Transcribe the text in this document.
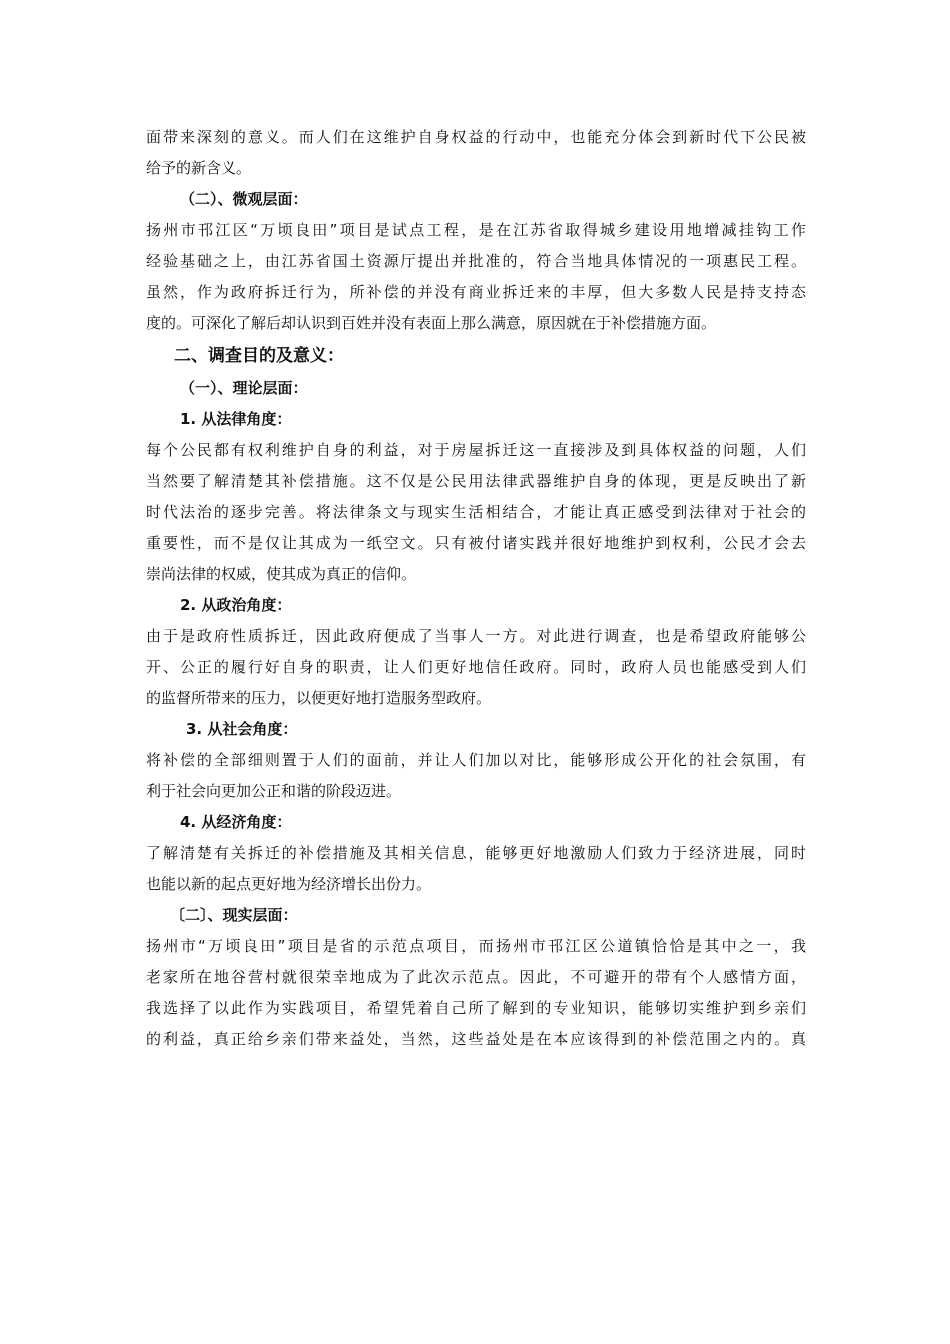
面带来深刻的意义。而人们在这维护自身权益的行动中，也能充分体会到新时代下公民被
给予的新含义。
（二）、微观层面：
扬州市邗江区“万顷良田”项目是试点工程，是在江苏省取得城乡建设用地增减挂钩工作
经验基础之上，由江苏省国土资源厅提出并批准的，符合当地具体情况的一项惠民工程。
虽然，作为政府拆迁行为，所补偿的并没有商业拆迁来的丰厚，但大多数人民是持支持态
度的。可深化了解后却认识到百姓并没有表面上那么满意，原因就在于补偿措施方面。
二、调查目的及意义：
（一）、理论层面：
1. 从法律角度：
每个公民都有权利维护自身的利益，对于房屋拆迁这一直接涉及到具体权益的问题，人们
当然要了解清楚其补偿措施。这不仅是公民用法律武器维护自身的体现，更是反映出了新
时代法治的逐步完善。将法律条文与现实生活相结合，才能让真正感受到法律对于社会的
重要性，而不是仅让其成为一纸空文。只有被付诸实践并很好地维护到权利，公民才会去
崇尚法律的权威，使其成为真正的信仰。
2. 从政治角度：
由于是政府性质拆迁，因此政府便成了当事人一方。对此进行调查，也是希望政府能够公
开、公正的履行好自身的职责，让人们更好地信任政府。同时，政府人员也能感受到人们
的监督所带来的压力，以便更好地打造服务型政府。
3. 从社会角度：
将补偿的全部细则置于人们的面前，并让人们加以对比，能够形成公开化的社会氛围，有
利于社会向更加公正和谐的阶段迈进。
4. 从经济角度：
了解清楚有关拆迁的补偿措施及其相关信息，能够更好地激励人们致力于经济进展，同时
也能以新的起点更好地为经济增长出份力。
〔二〕、现实层面：
扬州市“万顷良田”项目是省的示范点项目，而扬州市邗江区公道镇恰恰是其中之一，我
老家所在地谷营村就很荣幸地成为了此次示范点。因此，不可避开的带有个人感情方面，
我选择了以此作为实践项目，希望凭着自己所了解到的专业知识，能够切实维护到乡亲们
的利益，真正给乡亲们带来益处，当然，这些益处是在本应该得到的补偿范围之内的。真
